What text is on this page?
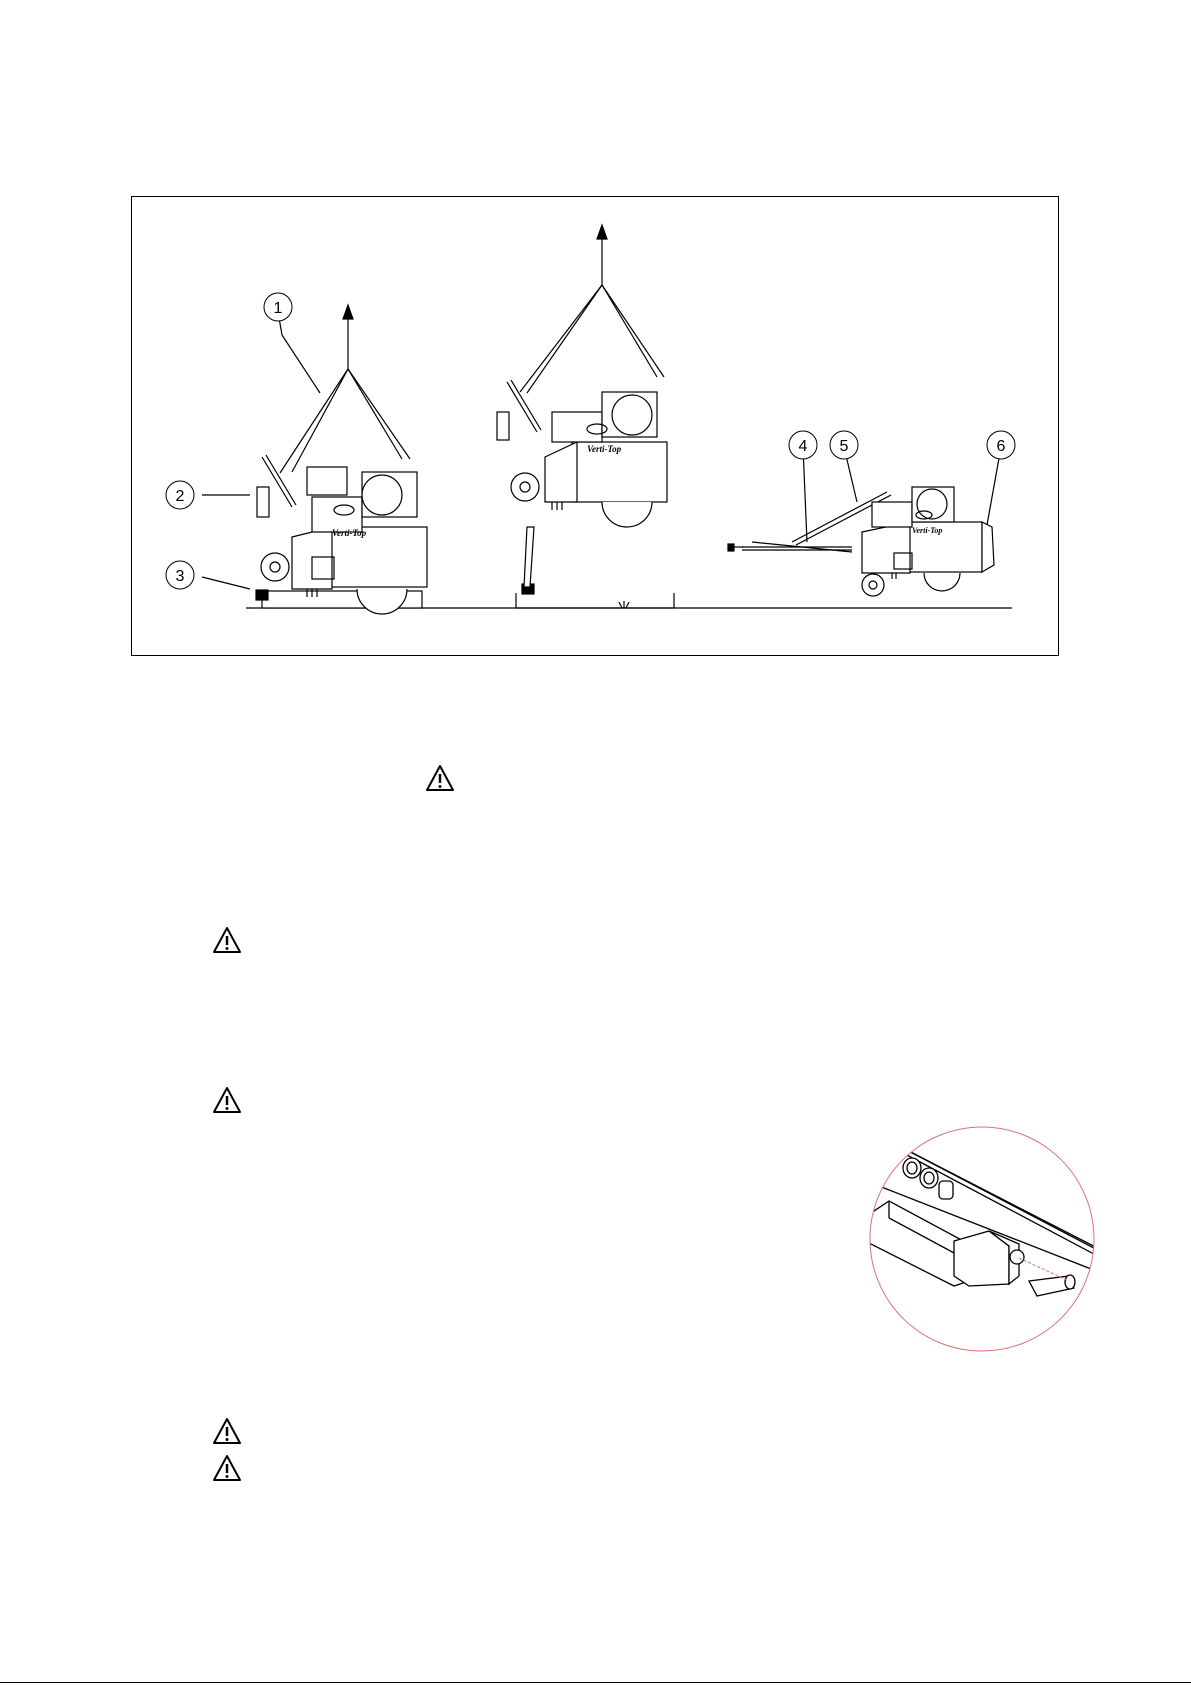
Verti-Top
Verti-Top
Verti-Top
1
2
3
4 5	6
